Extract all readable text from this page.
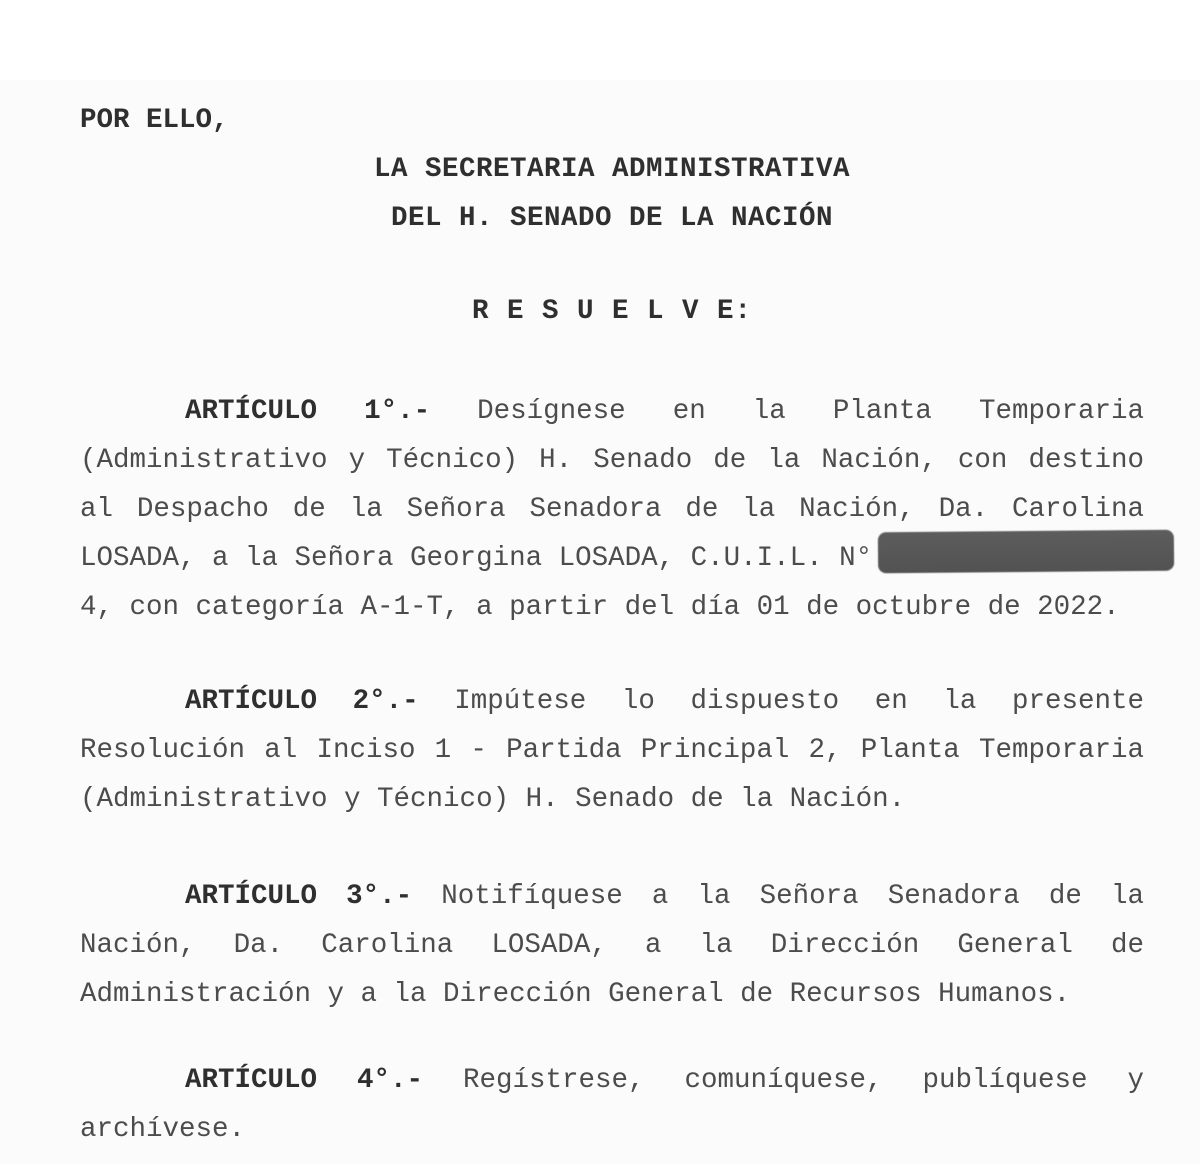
POR ELLO,
LA SECRETARIA ADMINISTRATIVA
DEL H. SENADO DE LA NACIÓN
R E S U E L V E:
ARTÍCULO 1°.- Desígnese en la Planta Temporaria
(Administrativo y Técnico) H. Senado de la Nación, con destino
al Despacho de la Señora Senadora de la Nación, Da. Carolina
LOSADA, a la Señora Georgina LOSADA, C.U.I.L. N°
4, con categoría A-1-T, a partir del día 01 de octubre de 2022.
ARTÍCULO 2°.- Impútese lo dispuesto en la presente
Resolución al Inciso 1 - Partida Principal 2, Planta Temporaria
(Administrativo y Técnico) H. Senado de la Nación.
ARTÍCULO 3°.- Notifíquese a la Señora Senadora de la
Nación, Da. Carolina LOSADA, a la Dirección General de
Administración y a la Dirección General de Recursos Humanos.
ARTÍCULO 4°.- Regístrese, comuníquese, publíquese y
archívese.
